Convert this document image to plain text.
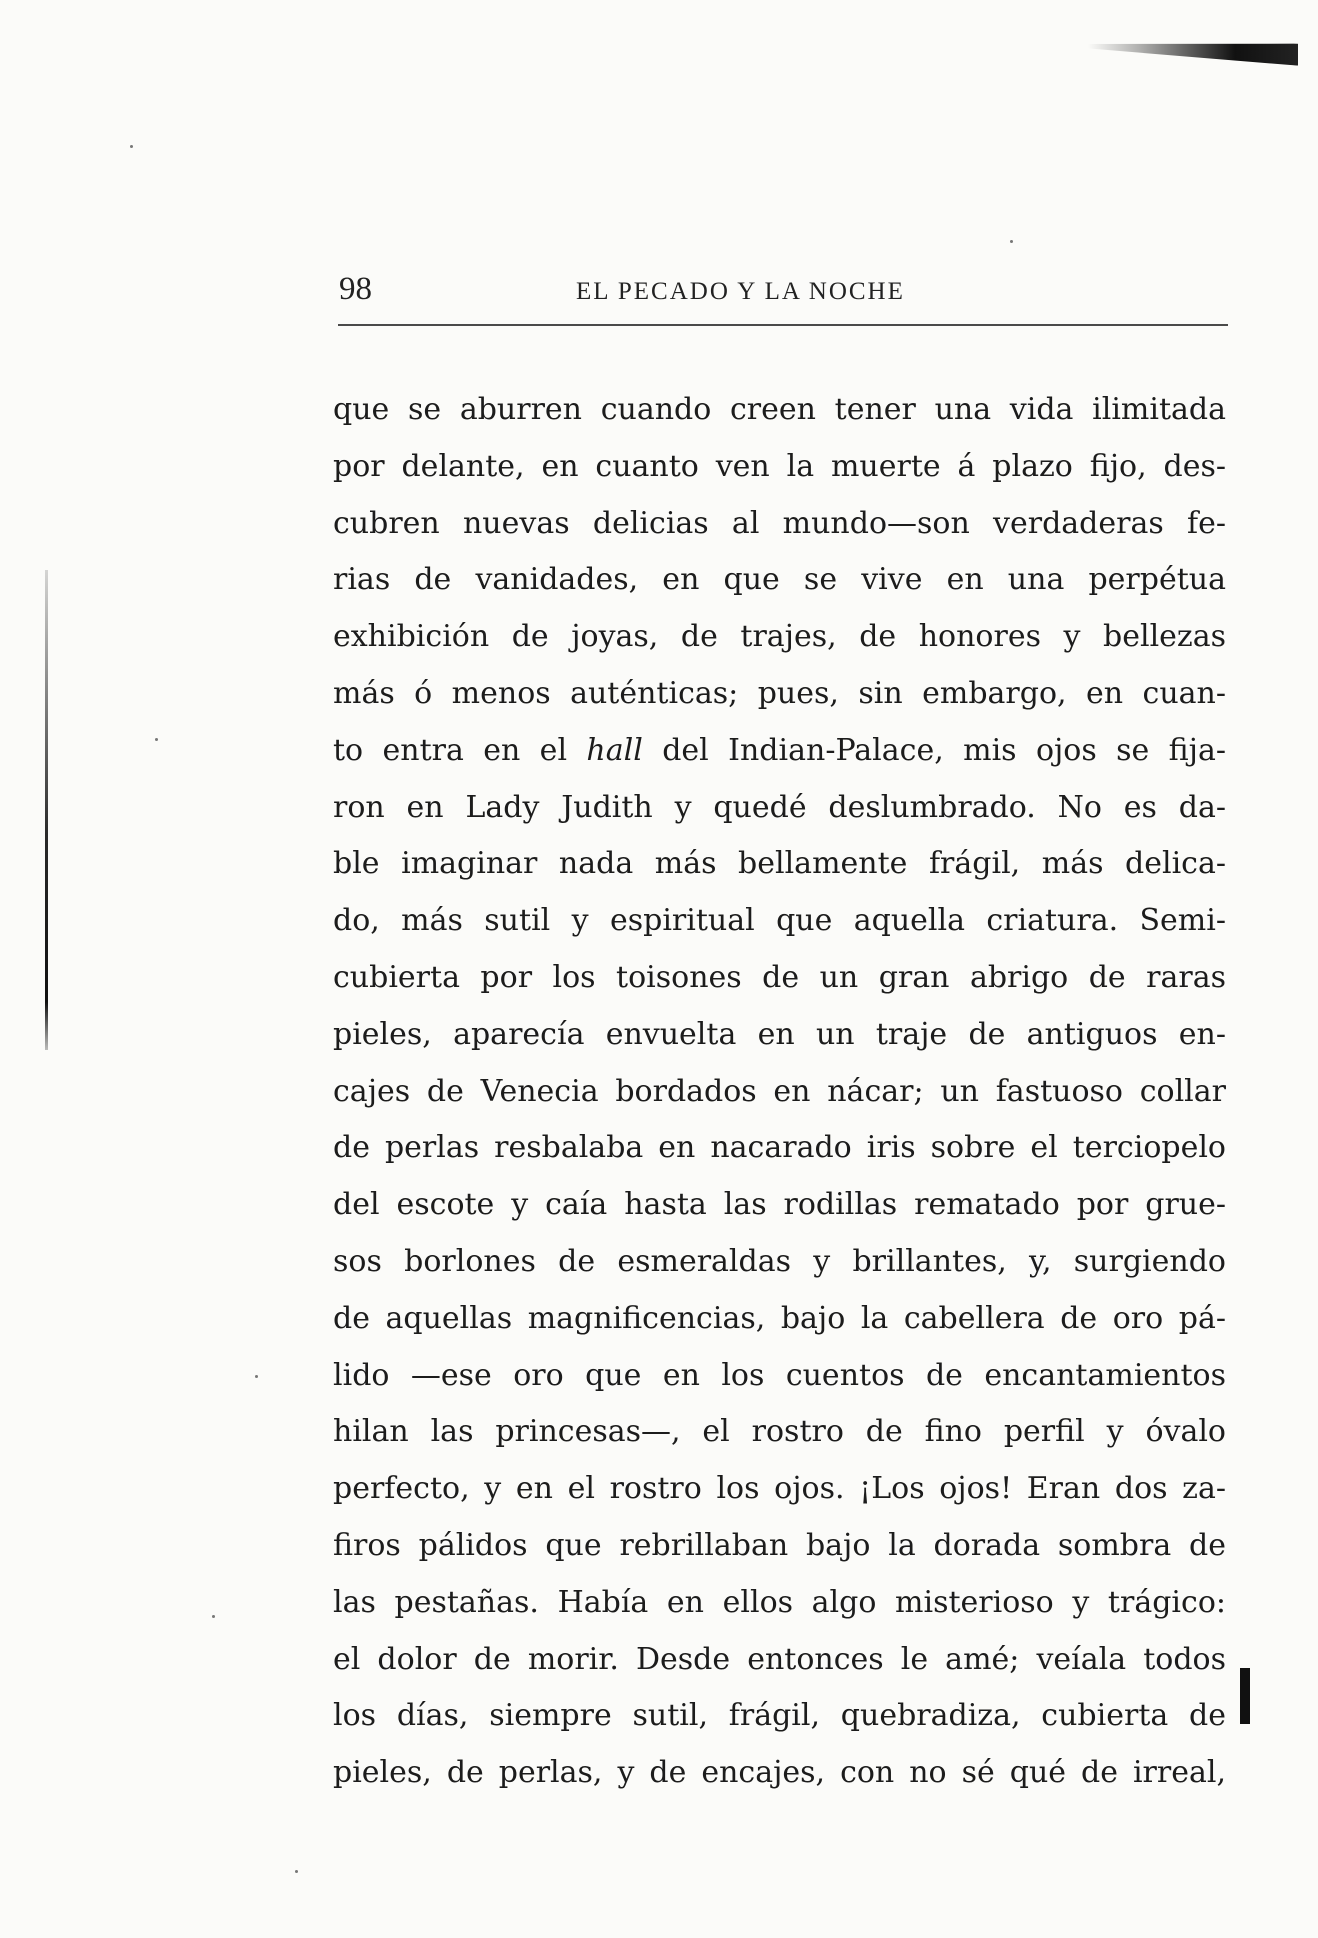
98	EL PECADO Y LA NOCHE
que se aburren cuando creen tener una vida ilimitada
por delante, en cuanto ven la muerte á plazo fijo, des-
cubren nuevas delicias al mundo—son verdaderas fe-
rias de vanidades, en que se vive en una perpétua
exhibición de joyas, de trajes, de honores y bellezas
más ó menos auténticas; pues, sin embargo, en cuan-
to entra en el hall del Indian-Palace, mis ojos se fija-
ron en Lady Judith y quedé deslumbrado. No es da-
ble imaginar nada más bellamente frágil, más delica-
do, más sutil y espiritual que aquella criatura. Semi-
cubierta por los toisones de un gran abrigo de raras
pieles, aparecía envuelta en un traje de antiguos en-
cajes de Venecia bordados en nácar; un fastuoso collar
de perlas resbalaba en nacarado iris sobre el terciopelo
del escote y caía hasta las rodillas rematado por grue-
sos borlones de esmeraldas y brillantes, y, surgiendo
de aquellas magnificencias, bajo la cabellera de oro pá-
lido —ese oro que en los cuentos de encantamientos
hilan las princesas—, el rostro de fino perfil y óvalo
perfecto, y en el rostro los ojos. ¡Los ojos! Eran dos za-
firos pálidos que rebrillaban bajo la dorada sombra de
las pestañas. Había en ellos algo misterioso y trágico:
el dolor de morir. Desde entonces le amé; veíala todos
los días, siempre sutil, frágil, quebradiza, cubierta de
pieles, de perlas, y de encajes, con no sé qué de irreal,
